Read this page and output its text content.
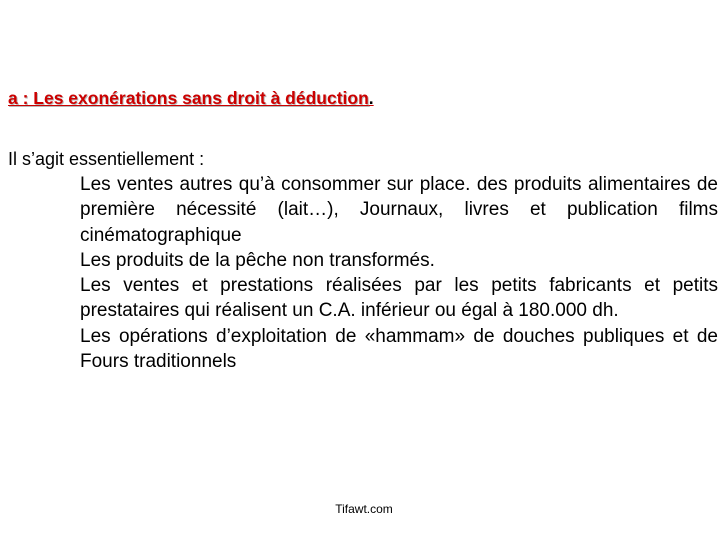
a : Les exonérations sans droit à déduction.
Il s’agit essentiellement :
Les ventes autres qu’à consommer sur place. des produits alimentaires de première nécessité (lait…), Journaux, livres et publication films cinématographique
Les produits de la pêche non transformés.
Les ventes et prestations réalisées par les petits fabricants et petits prestataires qui réalisent un C.A. inférieur ou égal à 180.000 dh.
Les opérations d’exploitation de «hammam» de douches publiques et de Fours traditionnels
Tifawt.com
